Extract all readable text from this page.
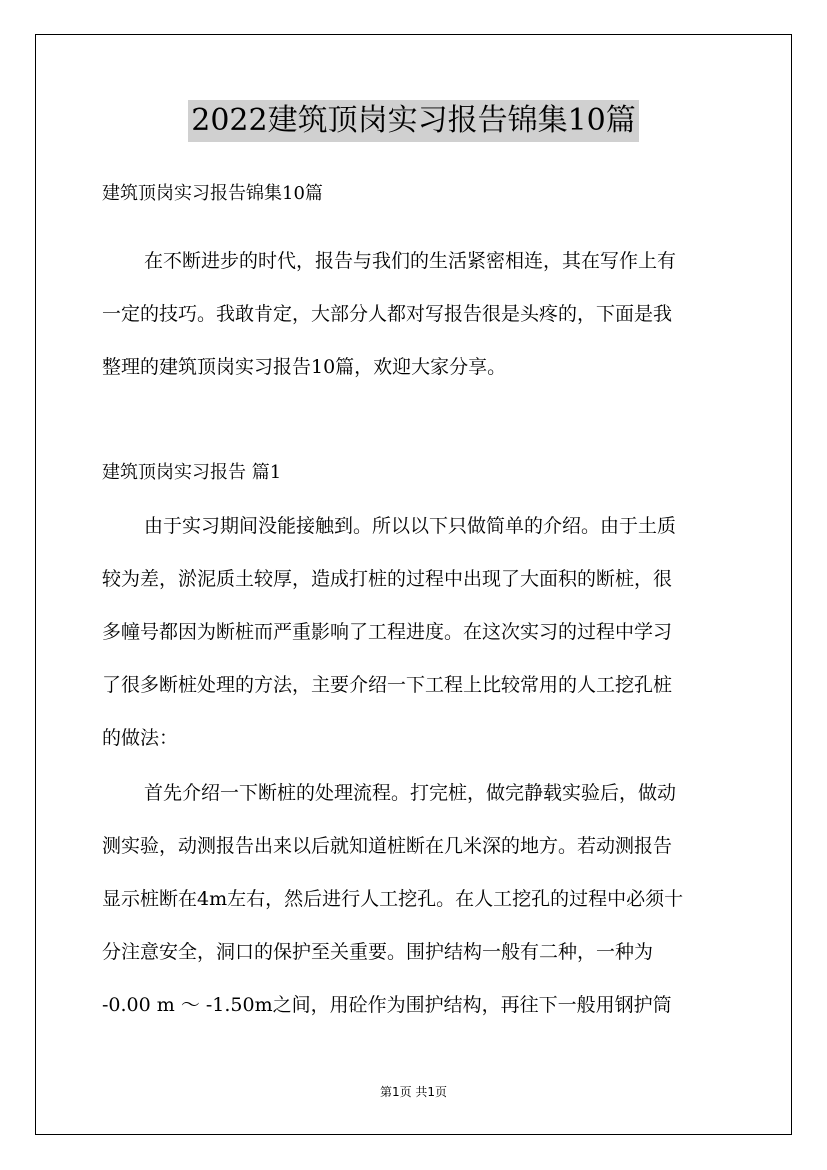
2022建筑顶岗实习报告锦集10篇
建筑顶岗实习报告锦集10篇
在不断进步的时代，报告与我们的生活紧密相连，其在写作上有
一定的技巧。我敢肯定，大部分人都对写报告很是头疼的，下面是我
整理的建筑顶岗实习报告10篇，欢迎大家分享。
建筑顶岗实习报告 篇1
由于实习期间没能接触到。所以以下只做简单的介绍。由于土质
较为差，淤泥质土较厚，造成打桩的过程中出现了大面积的断桩，很
多幢号都因为断桩而严重影响了工程进度。在这次实习的过程中学习
了很多断桩处理的方法，主要介绍一下工程上比较常用的人工挖孔桩
的做法：
首先介绍一下断桩的处理流程。打完桩，做完静载实验后，做动
测实验，动测报告出来以后就知道桩断在几米深的地方。若动测报告
显示桩断在4m左右，然后进行人工挖孔。在人工挖孔的过程中必须十
分注意安全，洞口的保护至关重要。围护结构一般有二种，一种为
-0.00 m ～ -1.50m之间，用砼作为围护结构，再往下一般用钢护筒
第1页 共1页
